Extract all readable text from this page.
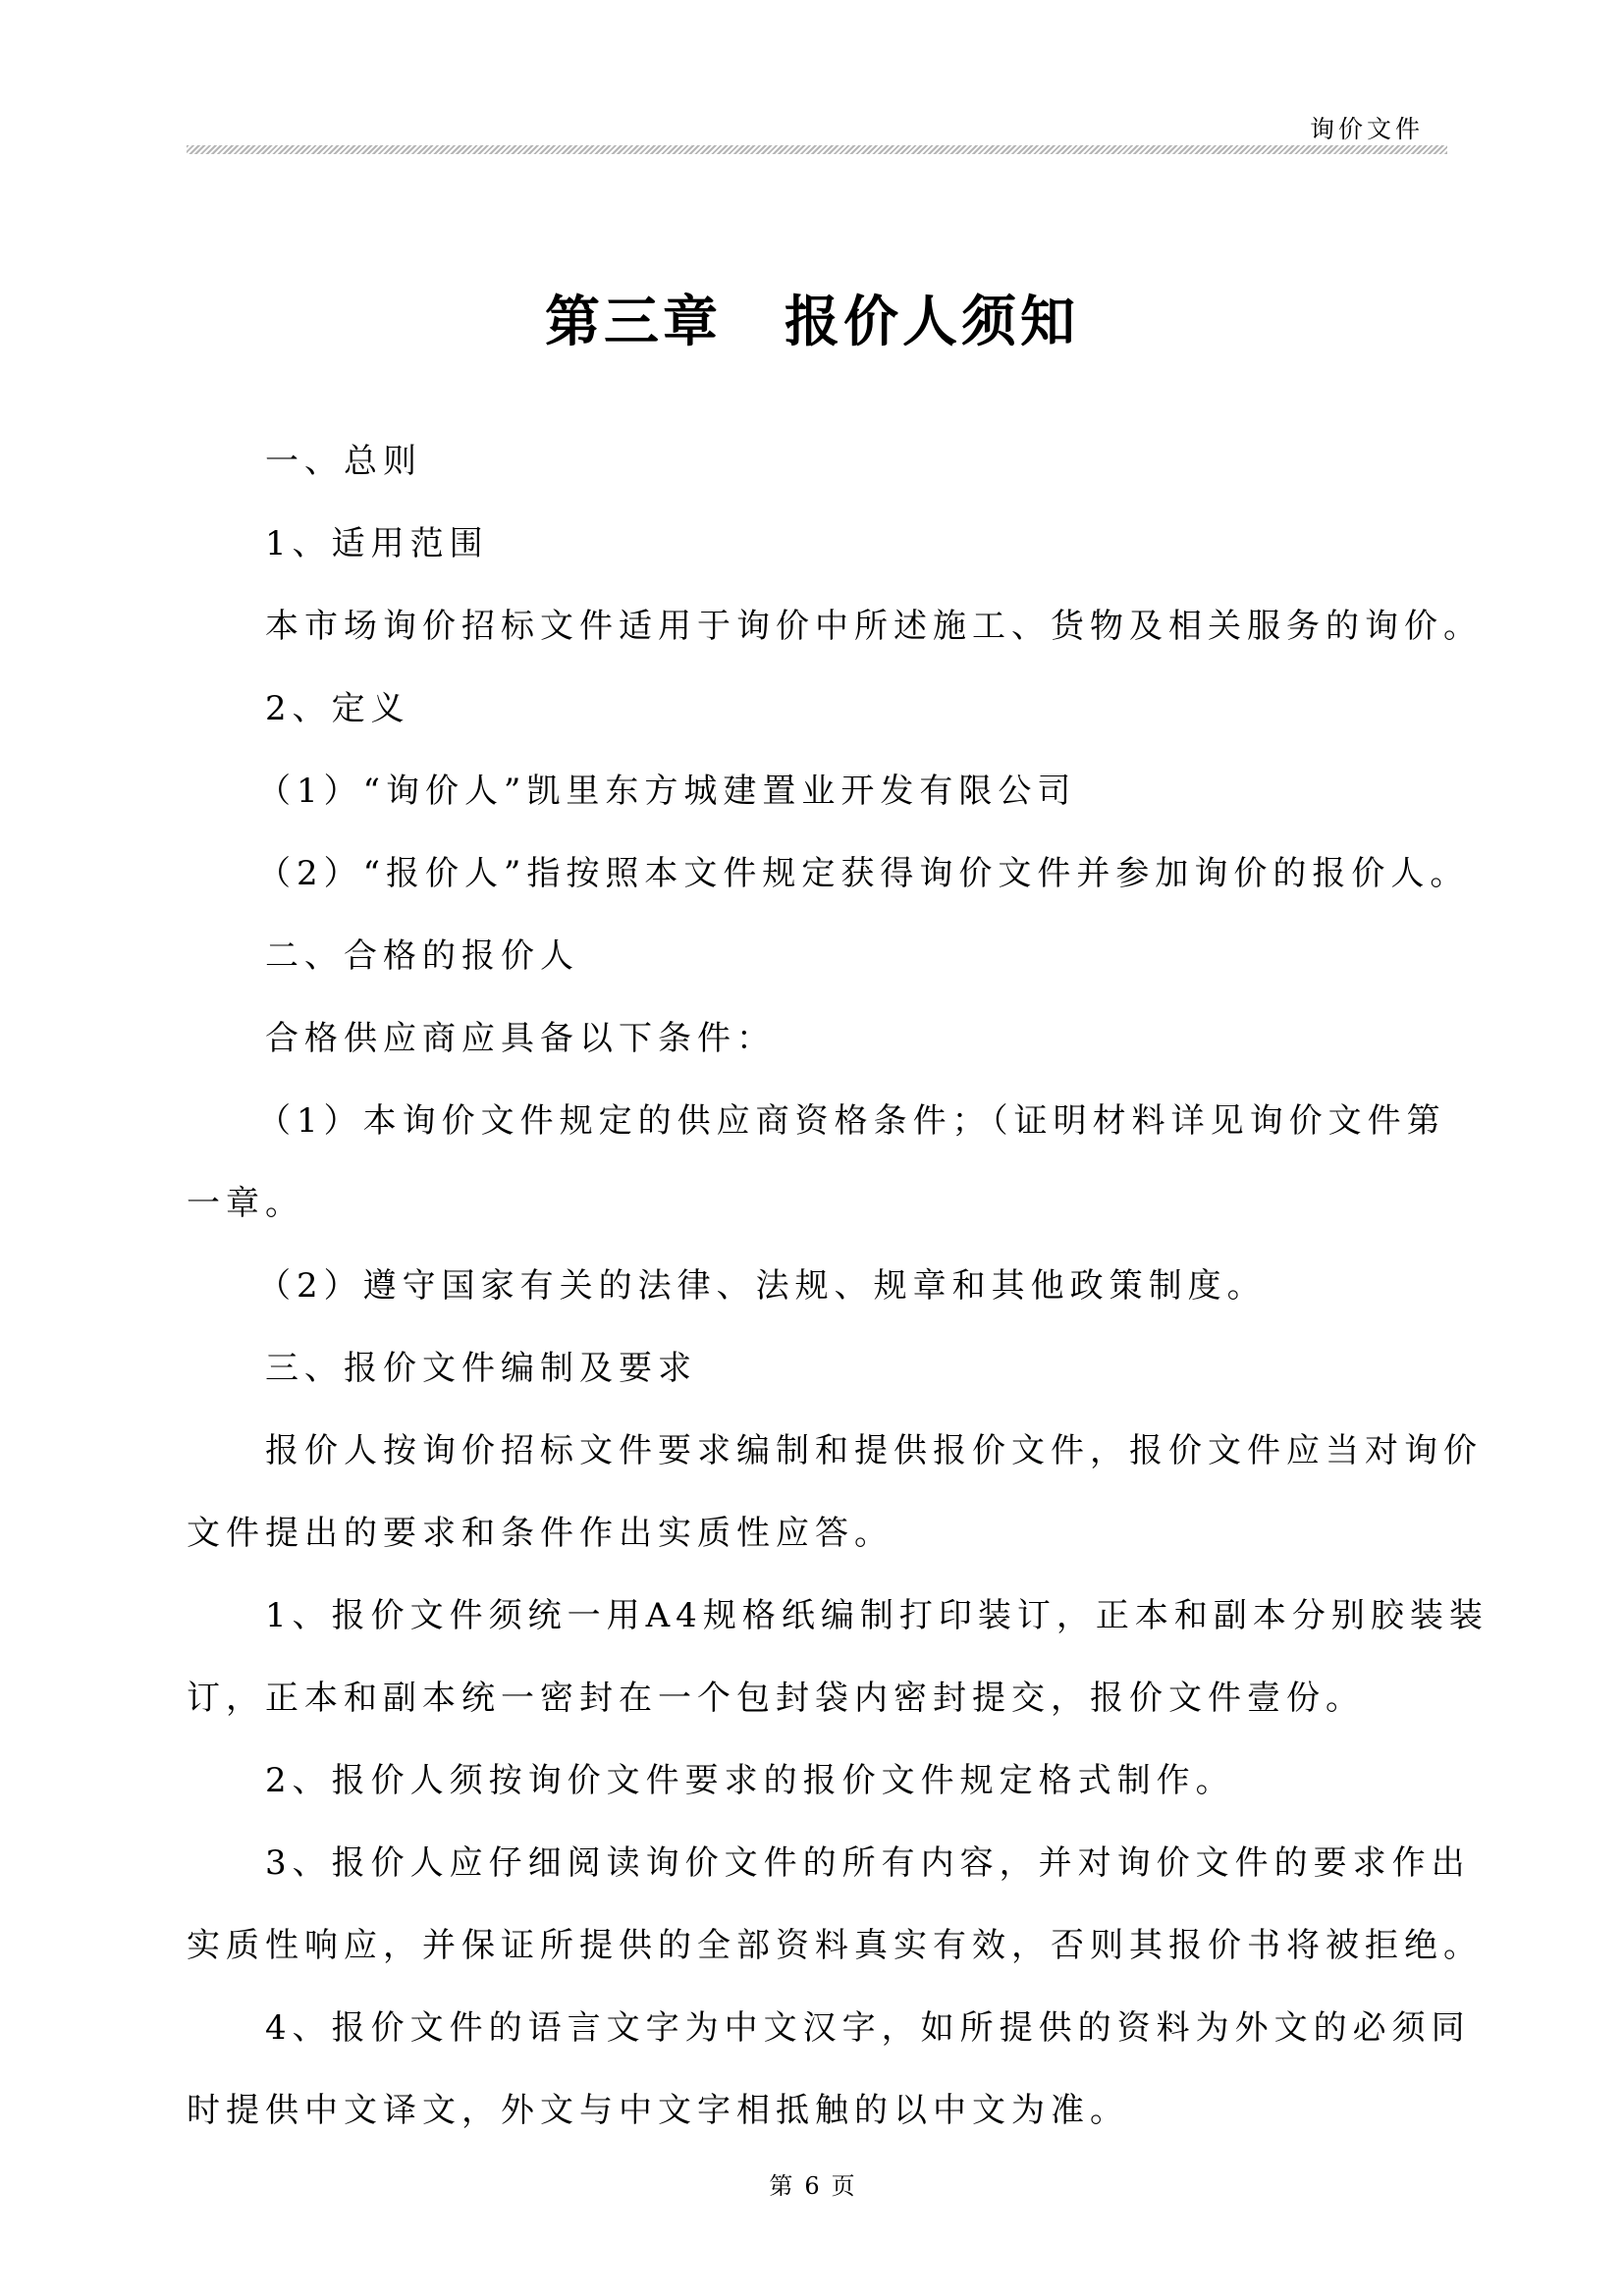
询价文件
第三章 报价人须知

一、总则

1、适用范围

本市场询价招标文件适用于询价中所述施工、货物及相关服务的询价。

2、定义

（1）“询价人”凯里东方城建置业开发有限公司

（2）“报价人”指按照本文件规定获得询价文件并参加询价的报价人。

二、合格的报价人

合格供应商应具备以下条件：

（1）本询价文件规定的供应商资格条件；（证明材料详见询价文件第

一章。

（2）遵守国家有关的法律、法规、规章和其他政策制度。

三、报价文件编制及要求

报价人按询价招标文件要求编制和提供报价文件，报价文件应当对询价

文件提出的要求和条件作出实质性应答。

1、报价文件须统一用A4规格纸编制打印装订，正本和副本分别胶装装

订，正本和副本统一密封在一个包封袋内密封提交，报价文件壹份。

2、报价人须按询价文件要求的报价文件规定格式制作。

3、报价人应仔细阅读询价文件的所有内容，并对询价文件的要求作出

实质性响应，并保证所提供的全部资料真实有效，否则其报价书将被拒绝。

4、报价文件的语言文字为中文汉字，如所提供的资料为外文的必须同

时提供中文译文，外文与中文字相抵触的以中文为准。

第 6 页
